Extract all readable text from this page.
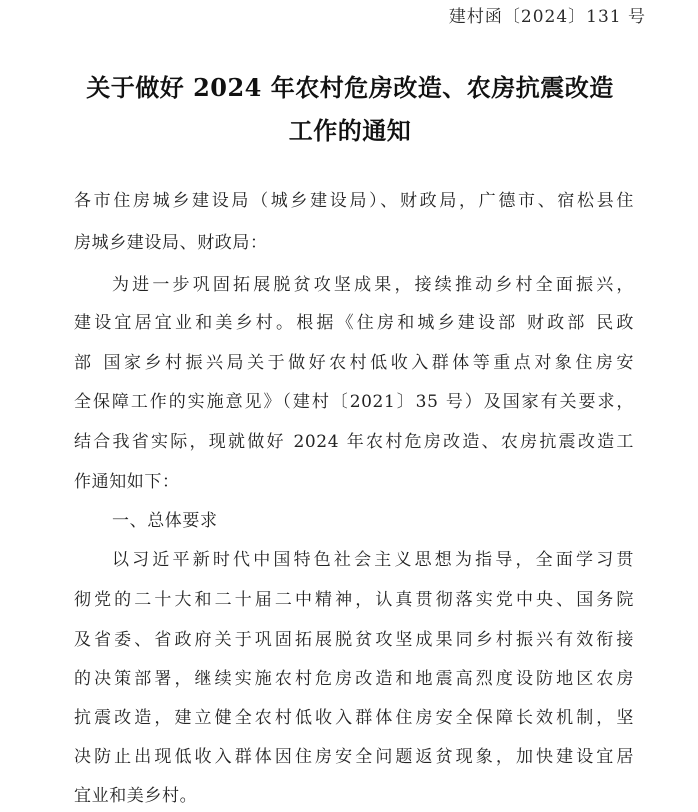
建村函〔2024〕131 号
关于做好 2024 年农村危房改造、农房抗震改造
工作的通知
各市住房城乡建设局（城乡建设局）、财政局，广德市、宿松县住
房城乡建设局、财政局：
为进一步巩固拓展脱贫攻坚成果，接续推动乡村全面振兴，
建设宜居宜业和美乡村。根据《住房和城乡建设部 财政部 民政
部 国家乡村振兴局关于做好农村低收入群体等重点对象住房安
全保障工作的实施意见》（建村〔2021〕35 号）及国家有关要求，
结合我省实际，现就做好 2024 年农村危房改造、农房抗震改造工
作通知如下：
一、总体要求
以习近平新时代中国特色社会主义思想为指导，全面学习贯
彻党的二十大和二十届二中精神，认真贯彻落实党中央、国务院
及省委、省政府关于巩固拓展脱贫攻坚成果同乡村振兴有效衔接
的决策部署，继续实施农村危房改造和地震高烈度设防地区农房
抗震改造，建立健全农村低收入群体住房安全保障长效机制，坚
决防止出现低收入群体因住房安全问题返贫现象，加快建设宜居
宜业和美乡村。
